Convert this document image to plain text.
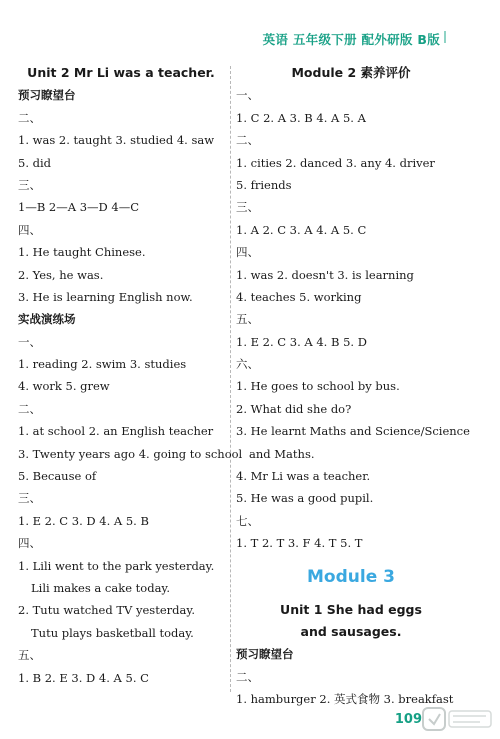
英语 五年级下册 配外研版 B版
Unit 2 Mr Li was a teacher.
预习瞭望台
二、
1. was 2. taught 3. studied 4. saw
5. did
三、
1—B 2—A 3—D 4—C
四、
1. He taught Chinese.
2. Yes, he was.
3. He is learning English now.
实战演练场
一、
1. reading 2. swim 3. studies
4. work 5. grew
二、
1. at school 2. an English teacher
3. Twenty years ago 4. going to school
5. Because of
三、
1. E 2. C 3. D 4. A 5. B
四、
1. Lili went to the park yesterday.
Lili makes a cake today.
2. Tutu watched TV yesterday.
Tutu plays basketball today.
五、
1. B 2. E 3. D 4. A 5. C
Module 2 素养评价
一、
1. C 2. A 3. B 4. A 5. A
二、
1. cities 2. danced 3. any 4. driver
5. friends
三、
1. A 2. C 3. A 4. A 5. C
四、
1. was 2. doesn't 3. is learning
4. teaches 5. working
五、
1. E 2. C 3. A 4. B 5. D
六、
1. He goes to school by bus.
2. What did she do?
3. He learnt Maths and Science/Science
and Maths.
4. Mr Li was a teacher.
5. He was a good pupil.
七、
1. T 2. T 3. F 4. T 5. T
Module 3
Unit 1 She had eggs
and sausages.
预习瞭望台
二、
1. hamburger 2. 英式食物 3. breakfast
109
